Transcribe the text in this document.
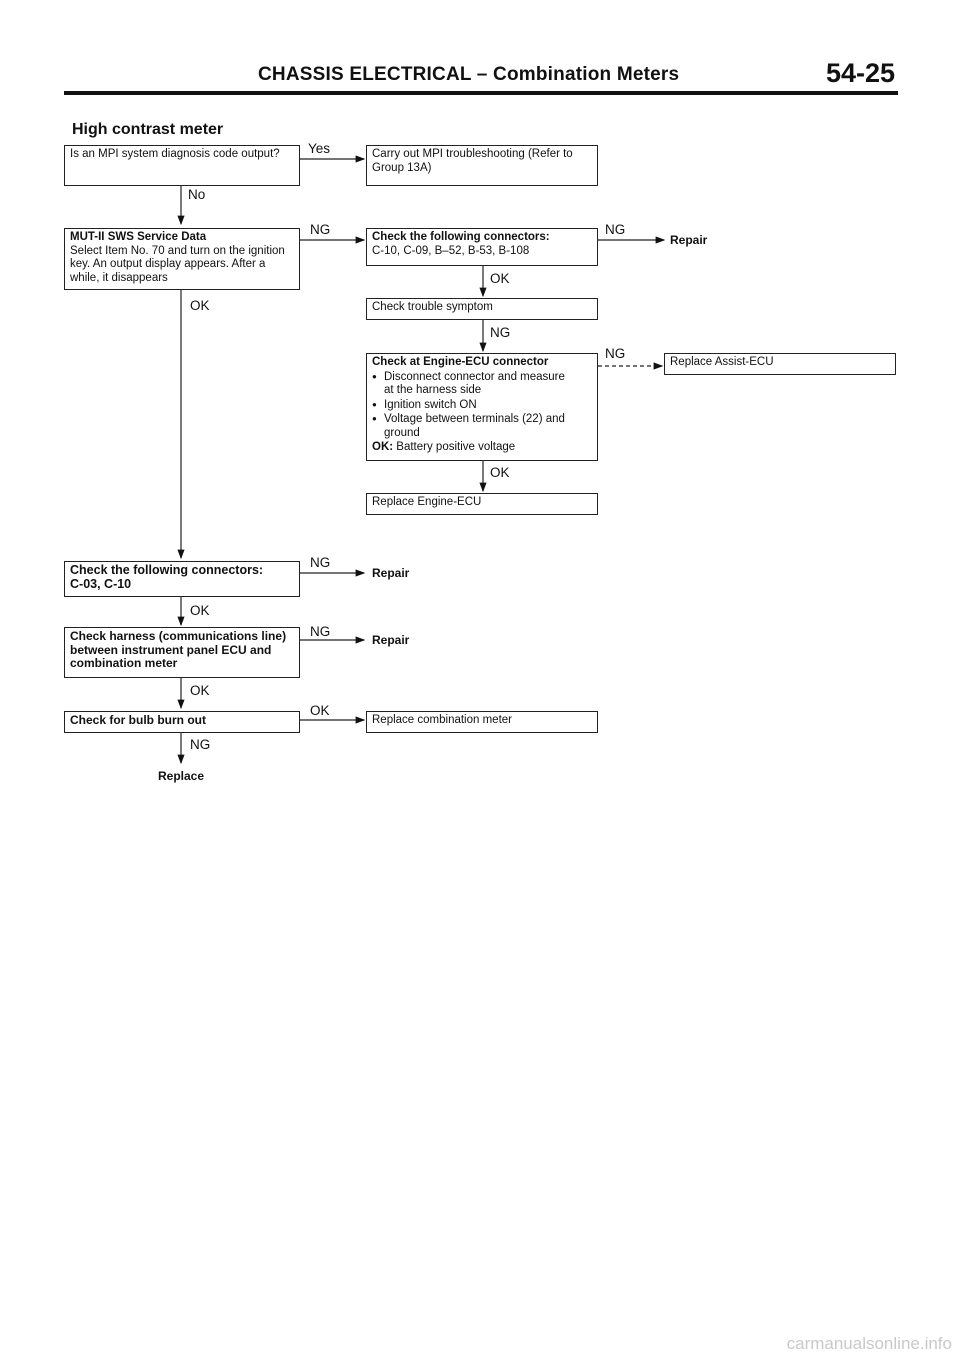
CHASSIS ELECTRICAL – Combination Meters	54-25
High contrast meter
Is an MPI system diagnosis code output?	Carry out MPI troubleshooting (Refer to Group 13A)
MUT-II SWS Service Data
Select Item No. 70 and turn on the ignition key. An output display appears. After a while, it disappears
Check the following connectors:
C-10, C-09, B–52, B-53, B-108
Check trouble symptom
Check at Engine-ECU connector
● Disconnect connector and measure
at the harness side
● Ignition switch ON
● Voltage between terminals (22) and
ground
OK: Battery positive voltage
Replace Assist-ECU
Replace Engine-ECU
Check the following connectors:
C-03, C-10
Check harness (communications line) between instrument panel ECU and combination meter
Check for bulb burn out	Replace combination meter
Yes
No
NG	NG
OK
OK
NG
NG
OK
NG
OK
NG
OK
OK
NG
Repair
Repair
Repair
Replace
carmanualsonline.info
